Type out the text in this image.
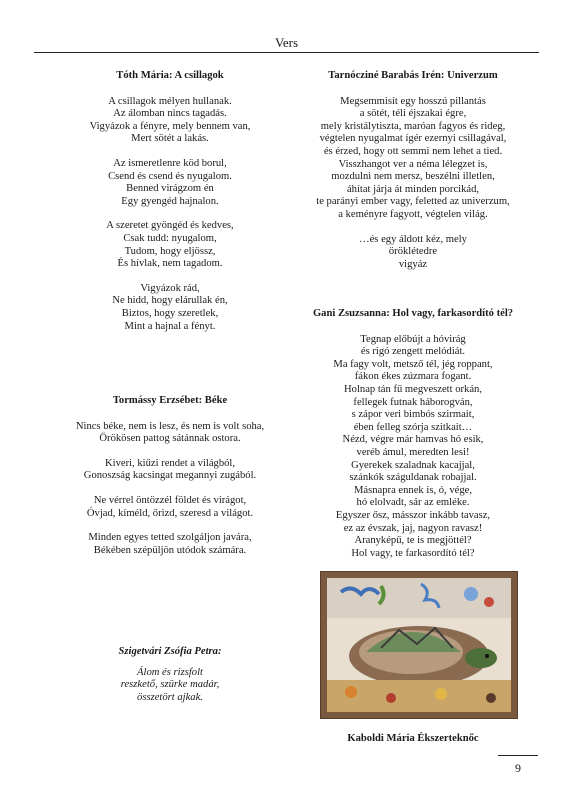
Vers

Tóth Mária: A csillagok

A csillagok mélyen hullanak.
Az álomban nincs tagadás.
Vigyázok a fényre, mely bennem van,
Mert sötét a lakás.
Az ismeretlenre köd borul,
Csend és csend és nyugalom.
Benned virágzom én
Egy gyengéd hajnalon.
A szeretet gyöngéd és kedves,
Csak tudd: nyugalom,
Tudom, hogy eljössz,
És hívlak, nem tagadom.
Vigyázok rád,
Ne hidd, hogy elárullak én,
Biztos, hogy szeretlek,
Mint a hajnal a fényt.

Tormássy Erzsébet: Béke

Nincs béke, nem is lesz, és nem is volt soha,
Örökösen pattog sátánnak ostora.
Kiveri, kiűzi rendet a világból,
Gonoszság kacsingat megannyi zugából.
Ne vérrel öntözzél földet és virágot,
Óvjad, kíméld, őrizd, szeresd a világot.
Minden egyes tetted szolgáljon javára,
Békében szépüljön utódok számára.

Szigetvári Zsófia Petra:

Álom és rizsfolt
reszkető, szürke madár,
összetört ajkak.

Tarnócziné Barabás Irén: Univerzum

Megsemmisít egy hosszú pillantás
a sötét, téli éjszakai égre,
mely kristálytiszta, maróan fagyos és rideg,
végtelen nyugalmat ígér ezernyi csillagával,
és érzed, hogy ott semmi nem lehet a tied.
Visszhangot ver a néma lélegzet is,
mozdulni nem mersz, beszélni illetlen,
áhítat járja át minden porcikád,
te parányi ember vagy, feletted az univerzum,
a keményre fagyott, végtelen világ.
…és egy áldott kéz, mely
öröklétedre
vigyáz

Gani Zsuzsanna: Hol vagy, farkasordító tél?

Tegnap előbújt a hóvirág
és rigó zengett melódiát.
Ma fagy volt, metsző tél, jég roppant,
fákon ékes zúzmara fogant.
Holnap tán fű megveszett orkán,
fellegek futnak háborogván,
s zápor veri bimbós szirmait,
ében felleg szórja szitkait…
Nézd, végre már hamvas hó esik,
veréb ámul, meredten lesi!
Gyerekek szaladnak kacajjal,
szánkók száguldanak robajjal.
Másnapra ennek is, ó, vége,
hó elolvadt, sár az emléke.
Egyszer ősz, másszor inkább tavasz,
ez az évszak, jaj, nagyon ravasz!
Aranyképű, te is megjöttél?
Hol vagy, te farkasordító tél?
Kaboldi Mária Ékszerteknőc
9
